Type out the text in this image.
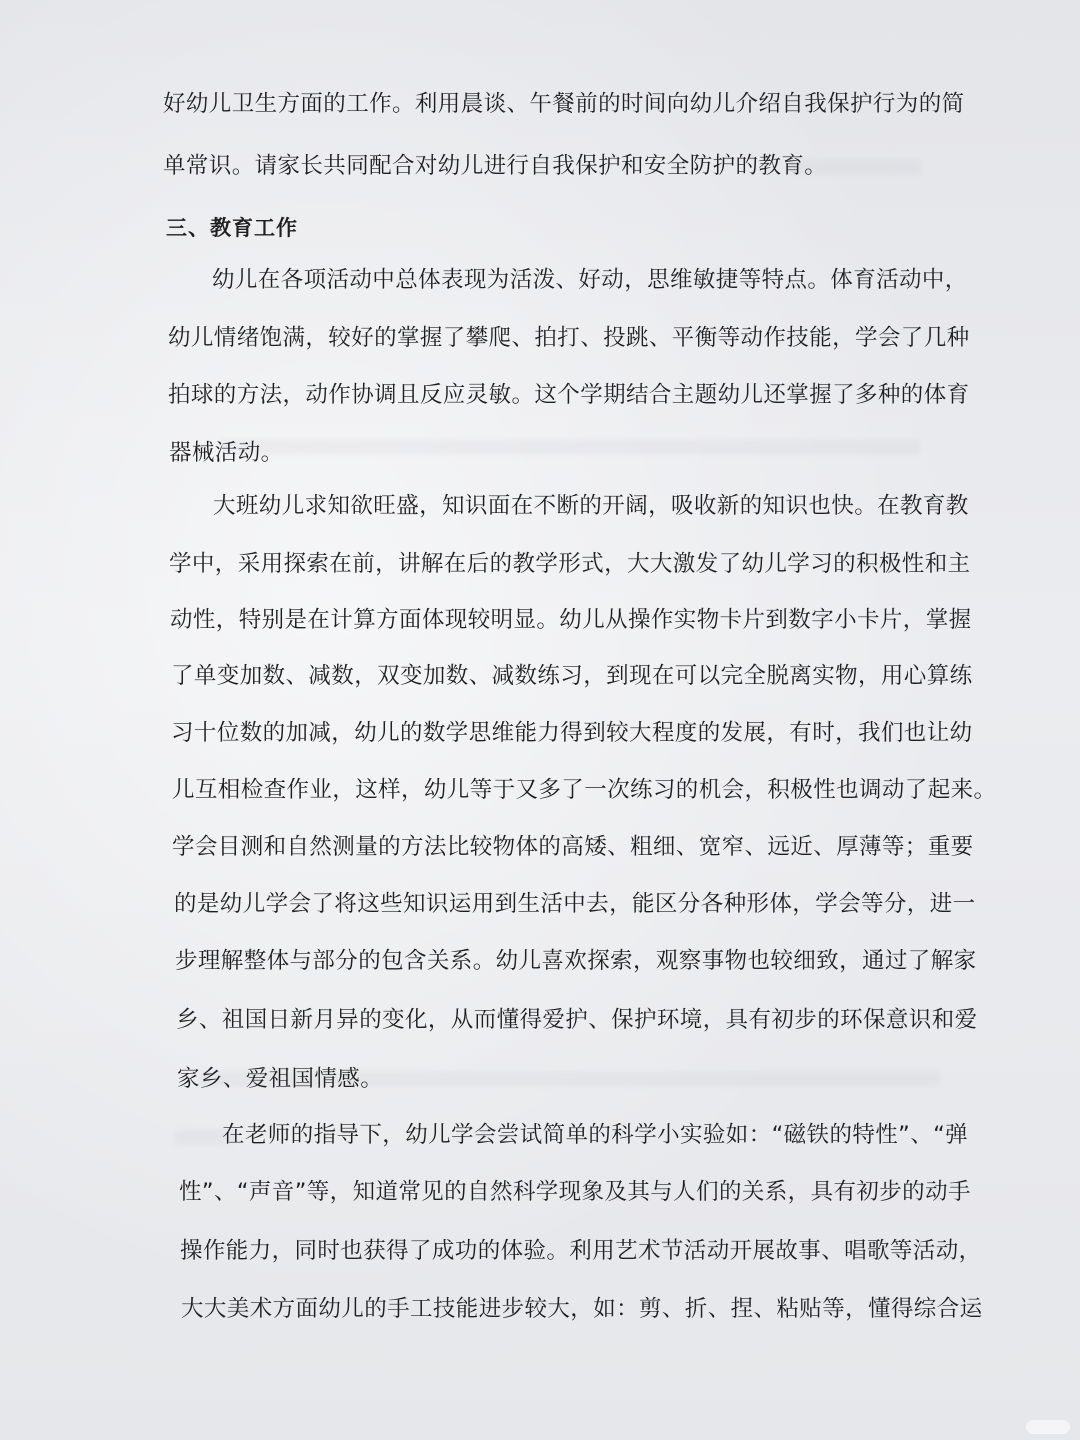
好幼儿卫生方面的工作。利用晨谈、午餐前的时间向幼儿介绍自我保护行为的简
单常识。请家长共同配合对幼儿进行自我保护和安全防护的教育。
三、教育工作
幼儿在各项活动中总体表现为活泼、好动，思维敏捷等特点。体育活动中，
幼儿情绪饱满，较好的掌握了攀爬、拍打、投跳、平衡等动作技能，学会了几种
拍球的方法，动作协调且反应灵敏。这个学期结合主题幼儿还掌握了多种的体育
器械活动。
大班幼儿求知欲旺盛，知识面在不断的开阔，吸收新的知识也快。在教育教
学中，采用探索在前，讲解在后的教学形式，大大激发了幼儿学习的积极性和主
动性，特别是在计算方面体现较明显。幼儿从操作实物卡片到数字小卡片，掌握
了单变加数、减数，双变加数、减数练习，到现在可以完全脱离实物，用心算练
习十位数的加减，幼儿的数学思维能力得到较大程度的发展，有时，我们也让幼
儿互相检查作业，这样，幼儿等于又多了一次练习的机会，积极性也调动了起来。
学会目测和自然测量的方法比较物体的高矮、粗细、宽窄、远近、厚薄等；重要
的是幼儿学会了将这些知识运用到生活中去，能区分各种形体，学会等分，进一
步理解整体与部分的包含关系。幼儿喜欢探索，观察事物也较细致，通过了解家
乡、祖国日新月异的变化，从而懂得爱护、保护环境，具有初步的环保意识和爱
家乡、爱祖国情感。
在老师的指导下，幼儿学会尝试简单的科学小实验如：“磁铁的特性”、“弹
性”、“声音”等，知道常见的自然科学现象及其与人们的关系，具有初步的动手
操作能力，同时也获得了成功的体验。利用艺术节活动开展故事、唱歌等活动，
大大美术方面幼儿的手工技能进步较大，如：剪、折、捏、粘贴等，懂得综合运
